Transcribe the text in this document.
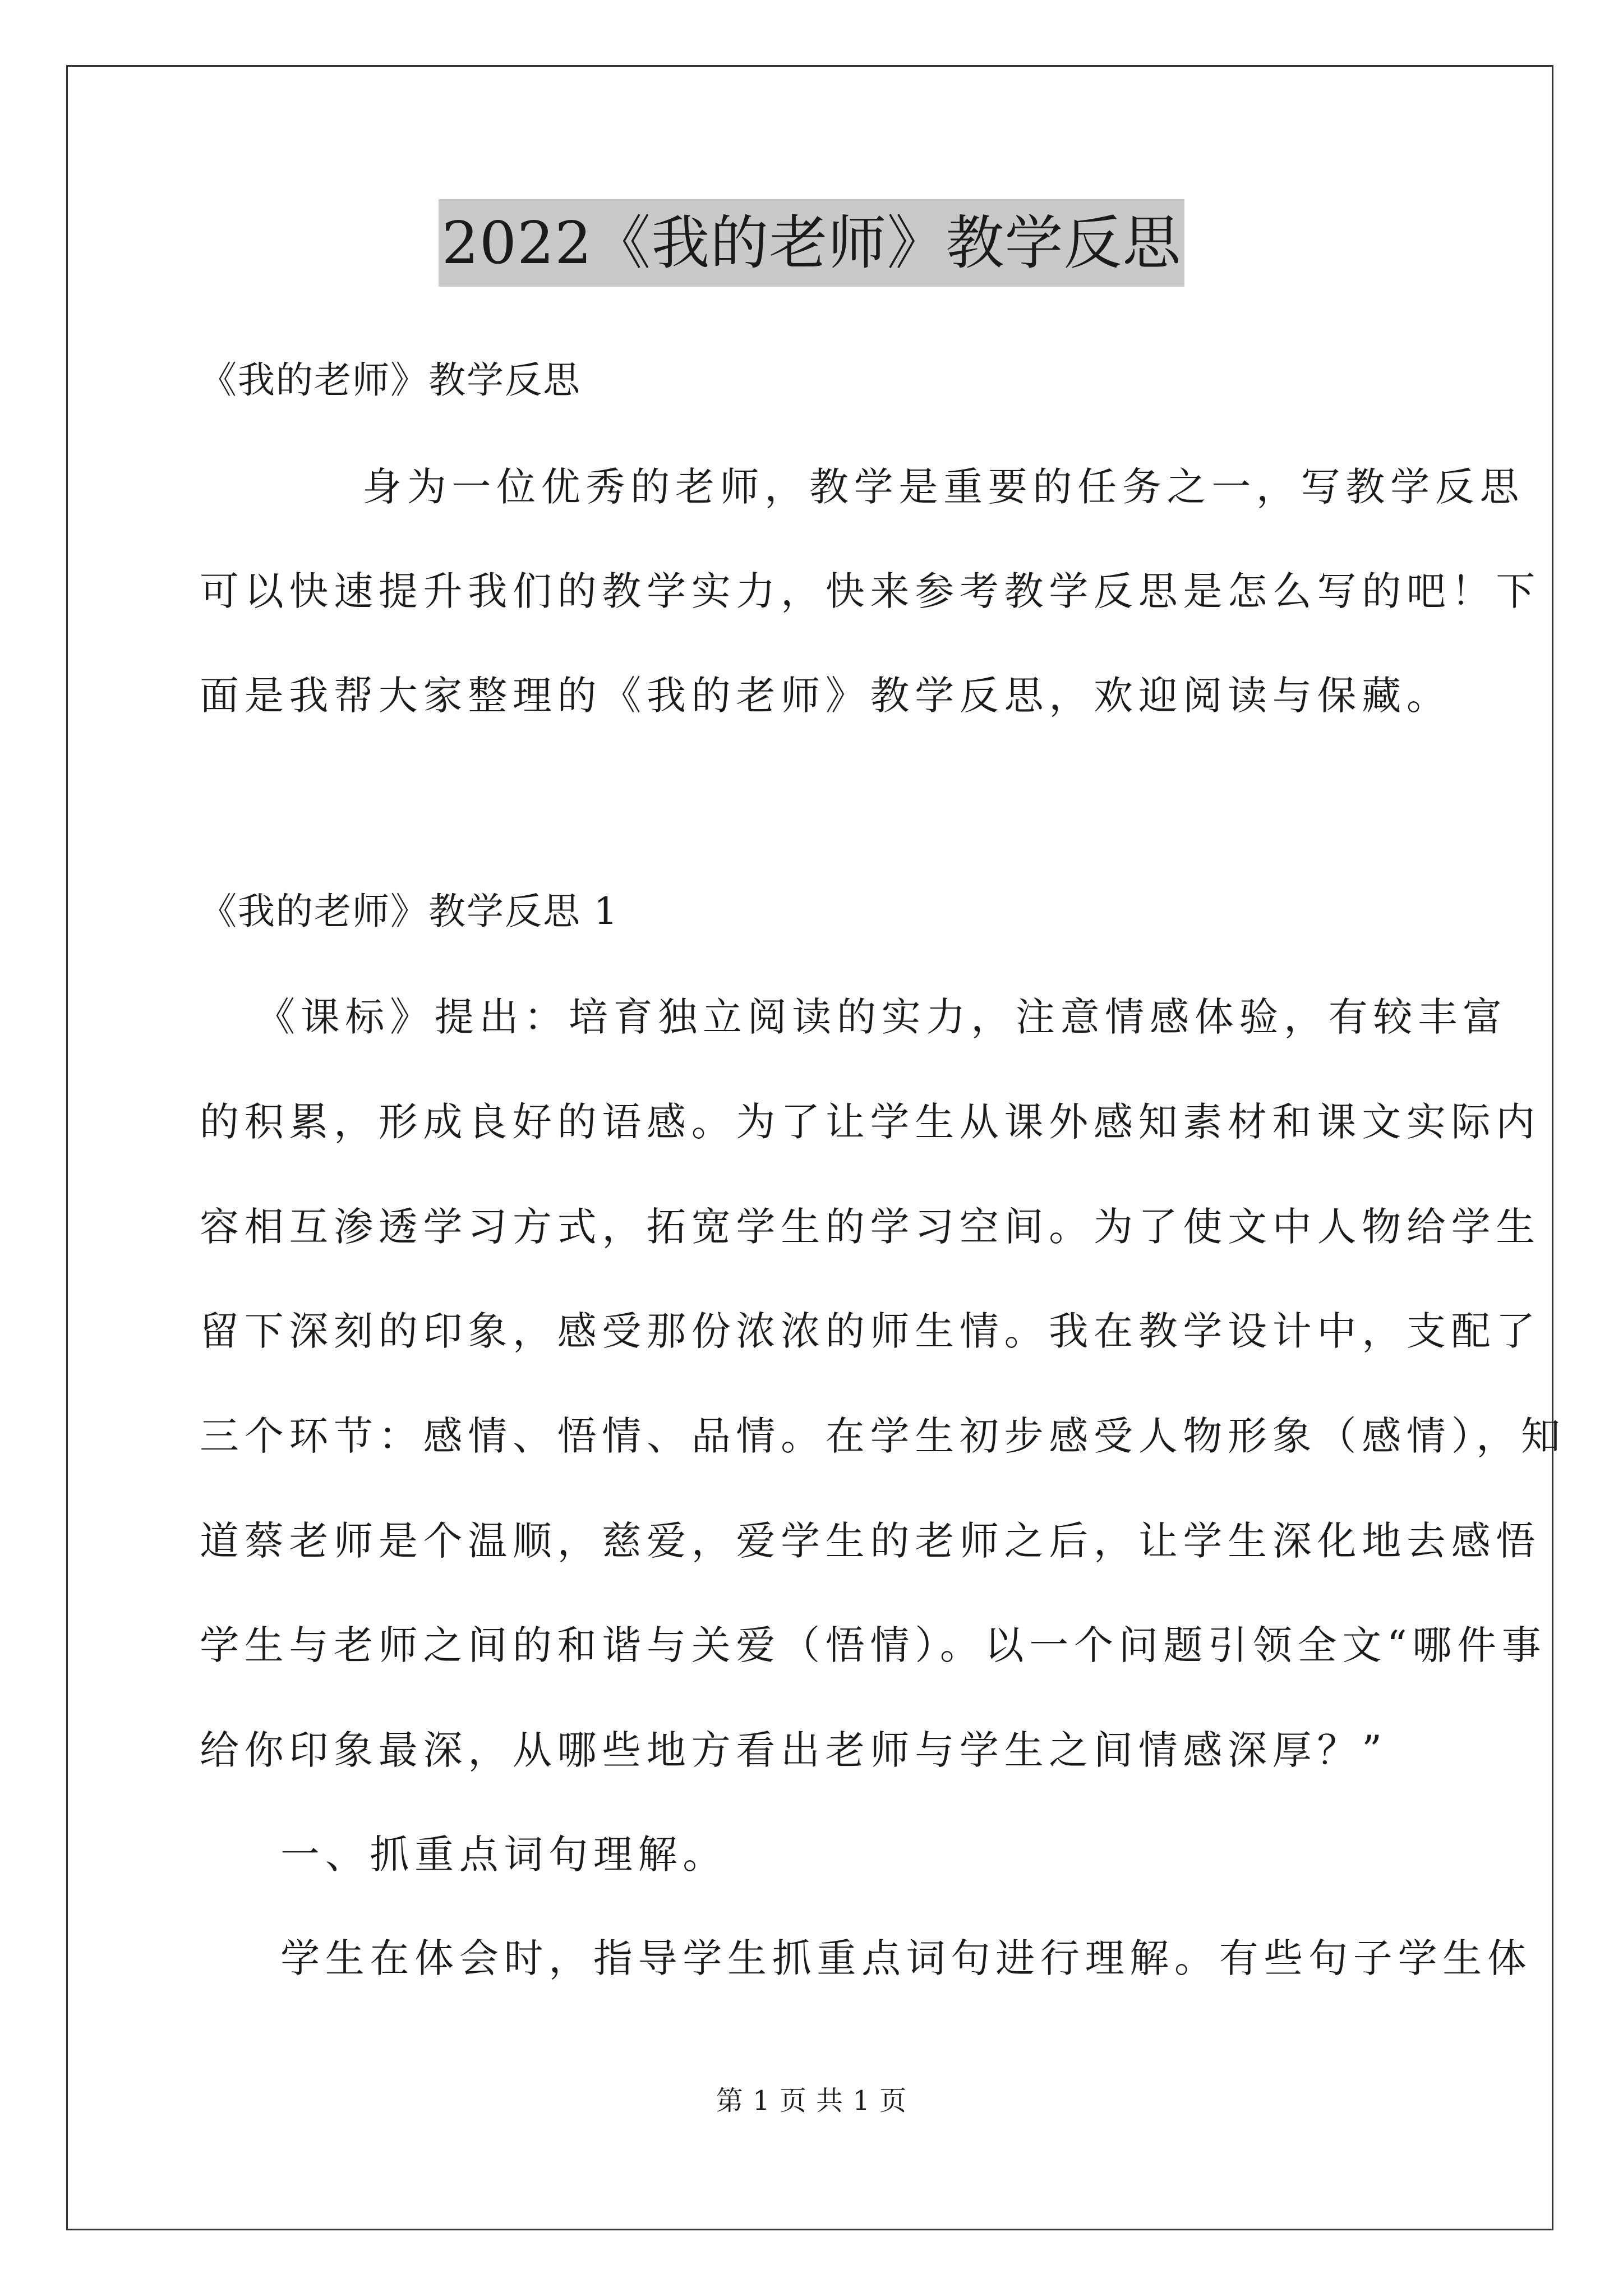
2022《我的老师》教学反思
《我的老师》教学反思
身为一位优秀的老师，教学是重要的任务之一，写教学反思
可以快速提升我们的教学实力，快来参考教学反思是怎么写的吧！下
面是我帮大家整理的《我的老师》教学反思，欢迎阅读与保藏。
《我的老师》教学反思 1
《课标》提出：培育独立阅读的实力，注意情感体验，有较丰富
的积累，形成良好的语感。为了让学生从课外感知素材和课文实际内
容相互渗透学习方式，拓宽学生的学习空间。为了使文中人物给学生
留下深刻的印象，感受那份浓浓的师生情。我在教学设计中，支配了
三个环节：感情、悟情、品情。在学生初步感受人物形象（感情），知
道蔡老师是个温顺，慈爱，爱学生的老师之后，让学生深化地去感悟
学生与老师之间的和谐与关爱（悟情）。以一个问题引领全文“哪件事
给你印象最深，从哪些地方看出老师与学生之间情感深厚？”
一、抓重点词句理解。
学生在体会时，指导学生抓重点词句进行理解。有些句子学生体
第 1 页 共 1 页
